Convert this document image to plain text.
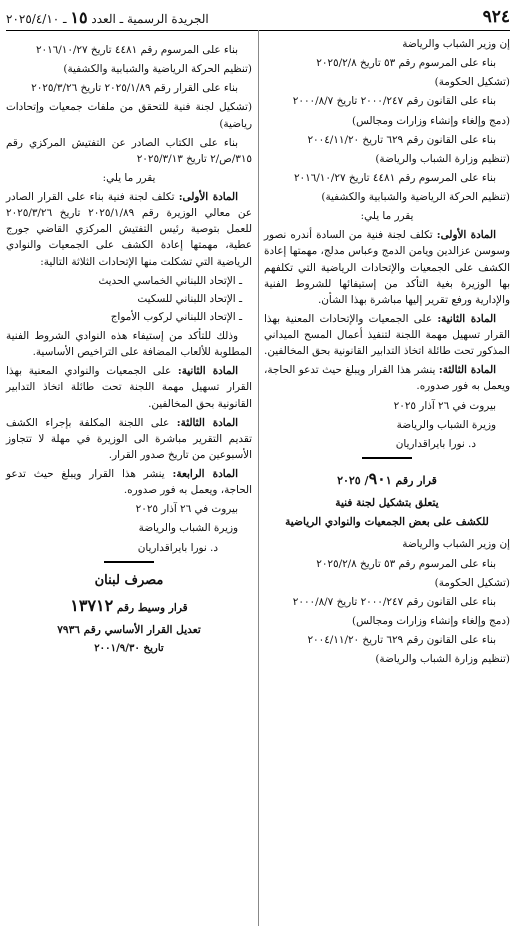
٩٢٤
الجريدة الرسمية ـ العدد ١٥ ـ ٢٠٢٥/٤/١٠

إن وزير الشباب والرياضة

بناء على المرسوم رقم ٥٣ تاريخ ٢٠٢٥/٢/٨

(تشكيل الحكومة)

بناء على القانون رقم ٢٠٠٠/٢٤٧ تاريخ ٢٠٠٠/٨/٧

(دمج وإلغاء وإنشاء وزارات ومجالس)

بناء على القانون رقم ٦٢٩ تاريخ ٢٠٠٤/١١/٢٠

(تنظيم وزارة الشباب والرياضة)

بناء على المرسوم رقم ٤٤٨١ تاريخ ٢٠١٦/١٠/٢٧

(تنظيم الحركة الرياضية والشبابية والكشفية)

يقرر ما يلي:

المادة الأولى: تكلف لجنة فنية من السادة أندره نصور وسوسن عزالدين ويامن الدمج وعباس مدلج، مهمتها إعادة الكشف على الجمعيات والإتحادات الرياضية التي تكلفهم بها الوزيرة بغية التأكد من إستيفائها للشروط الفنية والإدارية ورفع تقرير إليها مباشرة بهذا الشأن.

المادة الثانية: على الجمعيات والإتحادات المعنية بهذا القرار تسهيل مهمة اللجنة لتنفيذ أعمال المسح الميداني المذكور تحت طائلة اتخاذ التدابير القانونية بحق المخالفين.

المادة الثالثة: ينشر هذا القرار ويبلغ حيث تدعو الحاجة، ويعمل به فور صدوره.

بيروت في ٢٦ آذار ٢٠٢٥

وزيرة الشباب والرياضة

د. نورا بايراقداريان

قرار رقم ٩٠١/ ٢٠٢٥

يتعلق بتشكيل لجنة فنية

للكشف على بعض الجمعيات والنوادي الرياضية

إن وزير الشباب والرياضة

بناء على المرسوم رقم ٥٣ تاريخ ٢٠٢٥/٢/٨

(تشكيل الحكومة)

بناء على القانون رقم ٢٠٠٠/٢٤٧ تاريخ ٢٠٠٠/٨/٧

(دمج وإلغاء وإنشاء وزارات ومجالس)

بناء على القانون رقم ٦٢٩ تاريخ ٢٠٠٤/١١/٢٠

(تنظيم وزارة الشباب والرياضة)

بناء على المرسوم رقم ٤٤٨١ تاريخ ٢٠١٦/١٠/٢٧

(تنظيم الحركة الرياضية والشبابية والكشفية)

بناء على القرار رقم ٢٠٢٥/١/٨٩ تاريخ ٢٠٢٥/٣/٢٦

(تشكيل لجنة فنية للتحقق من ملفات جمعيات وإتحادات رياضية)

بناء على الكتاب الصادر عن التفتيش المركزي رقم ٣١٥/ص/٢ تاريخ ٢٠٢٥/٣/١٣

يقرر ما يلي:

المادة الأولى: تكلف لجنة فنية بناء على القرار الصادر عن معالي الوزيرة رقم ٢٠٢٥/١/٨٩ تاريخ ٢٠٢٥/٣/٢٦ للعمل بتوصية رئيس التفتيش المركزي القاضي جورج عطية، مهمتها إعادة الكشف على الجمعيات والنوادي الرياضية التي تشكلت منها الإتحادات الثلاثة التالية:

ـ الإتحاد اللبناني الخماسي الحديث
ـ الإتحاد اللبناني للسكيت
ـ الإتحاد اللبناني لركوب الأمواج

وذلك للتأكد من إستيفاء هذه النوادي الشروط الفنية المطلوبة للألعاب المضافة على التراخيص الأساسية.

المادة الثانية: على الجمعيات والنوادي المعنية بهذا القرار تسهيل مهمة اللجنة تحت طائلة اتخاذ التدابير القانونية بحق المخالفين.

المادة الثالثة: على اللجنة المكلفة بإجراء الكشف تقديم التقرير مباشرة الى الوزيرة في مهلة لا تتجاوز الأسبوعين من تاريخ صدور القرار.

المادة الرابعة: ينشر هذا القرار ويبلغ حيث تدعو الحاجة، ويعمل به فور صدوره.

بيروت في ٢٦ آذار ٢٠٢٥

وزيرة الشباب والرياضة

د. نورا بايراقداريان

مصرف لبنان

قرار وسيط رقم ١٣٧١٢

تعديل القرار الأساسي رقم ٧٩٣٦

تاريخ ٢٠٠١/٩/٣٠
